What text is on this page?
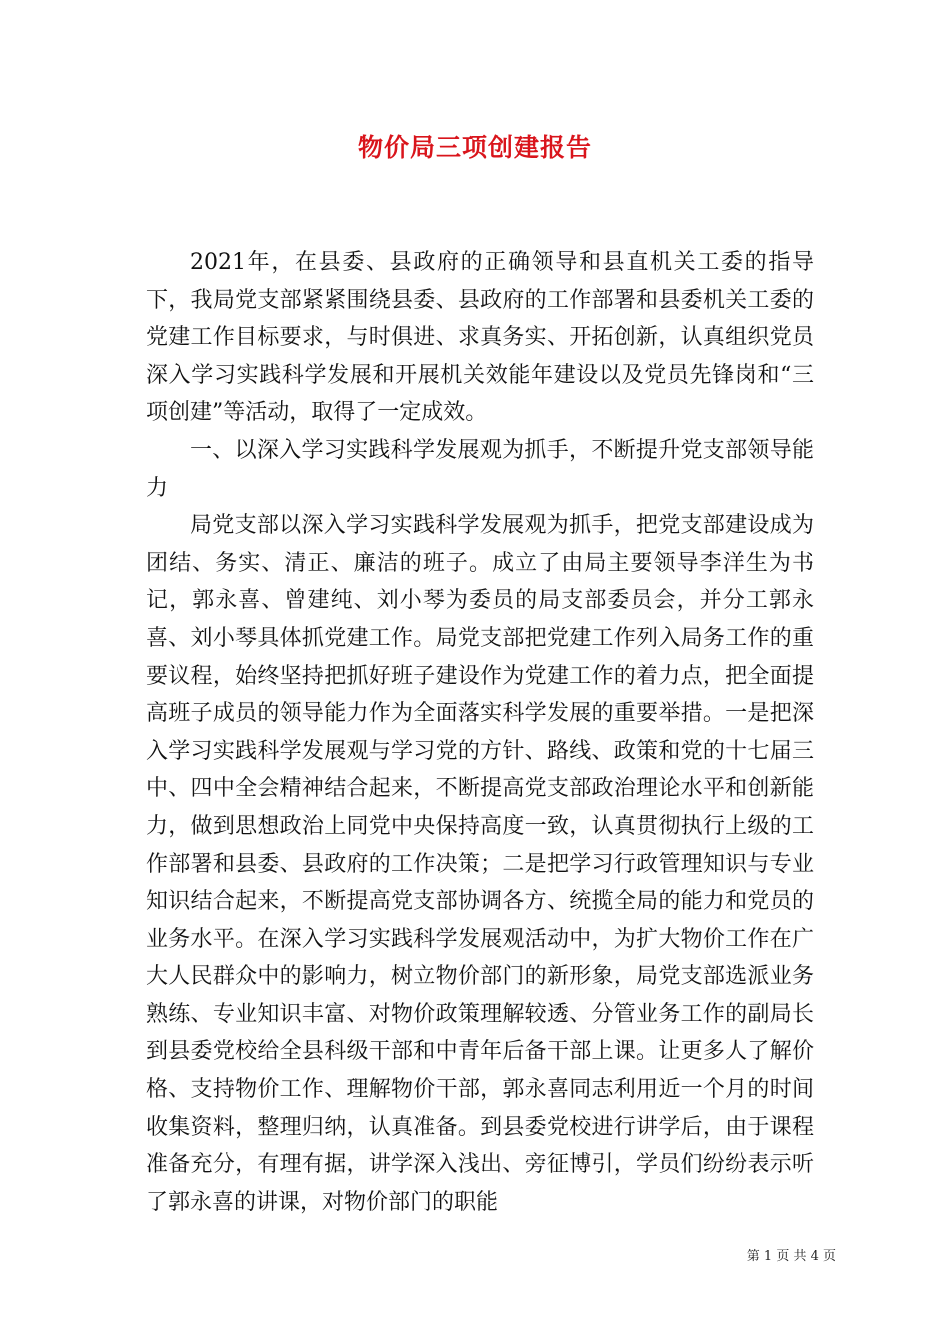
物价局三项创建报告

2021年，在县委、县政府的正确领导和县直机关工委的指导下，我局党支部紧紧围绕县委、县政府的工作部署和县委机关工委的党建工作目标要求，与时俱进、求真务实、开拓创新，认真组织党员深入学习实践科学发展和开展机关效能年建设以及党员先锋岗和“三项创建”等活动，取得了一定成效。

一、以深入学习实践科学发展观为抓手，不断提升党支部领导能力

局党支部以深入学习实践科学发展观为抓手，把党支部建设成为团结、务实、清正、廉洁的班子。成立了由局主要领导李洋生为书记，郭永喜、曾建纯、刘小琴为委员的局支部委员会，并分工郭永喜、刘小琴具体抓党建工作。局党支部把党建工作列入局务工作的重要议程，始终坚持把抓好班子建设作为党建工作的着力点，把全面提高班子成员的领导能力作为全面落实科学发展的重要举措。一是把深入学习实践科学发展观与学习党的方针、路线、政策和党的十七届三中、四中全会精神结合起来，不断提高党支部政治理论水平和创新能力，做到思想政治上同党中央保持高度一致，认真贯彻执行上级的工作部署和县委、县政府的工作决策；二是把学习行政管理知识与专业知识结合起来，不断提高党支部协调各方、统揽全局的能力和党员的业务水平。在深入学习实践科学发展观活动中，为扩大物价工作在广大人民群众中的影响力，树立物价部门的新形象，局党支部选派业务熟练、专业知识丰富、对物价政策理解较透、分管业务工作的副局长到县委党校给全县科级干部和中青年后备干部上课。让更多人了解价格、支持物价工作、理解物价干部，郭永喜同志利用近一个月的时间收集资料，整理归纳，认真准备。到县委党校进行讲学后，由于课程准备充分，有理有据，讲学深入浅出、旁征博引，学员们纷纷表示听了郭永喜的讲课，对物价部门的职能

第 1 页 共 4 页
